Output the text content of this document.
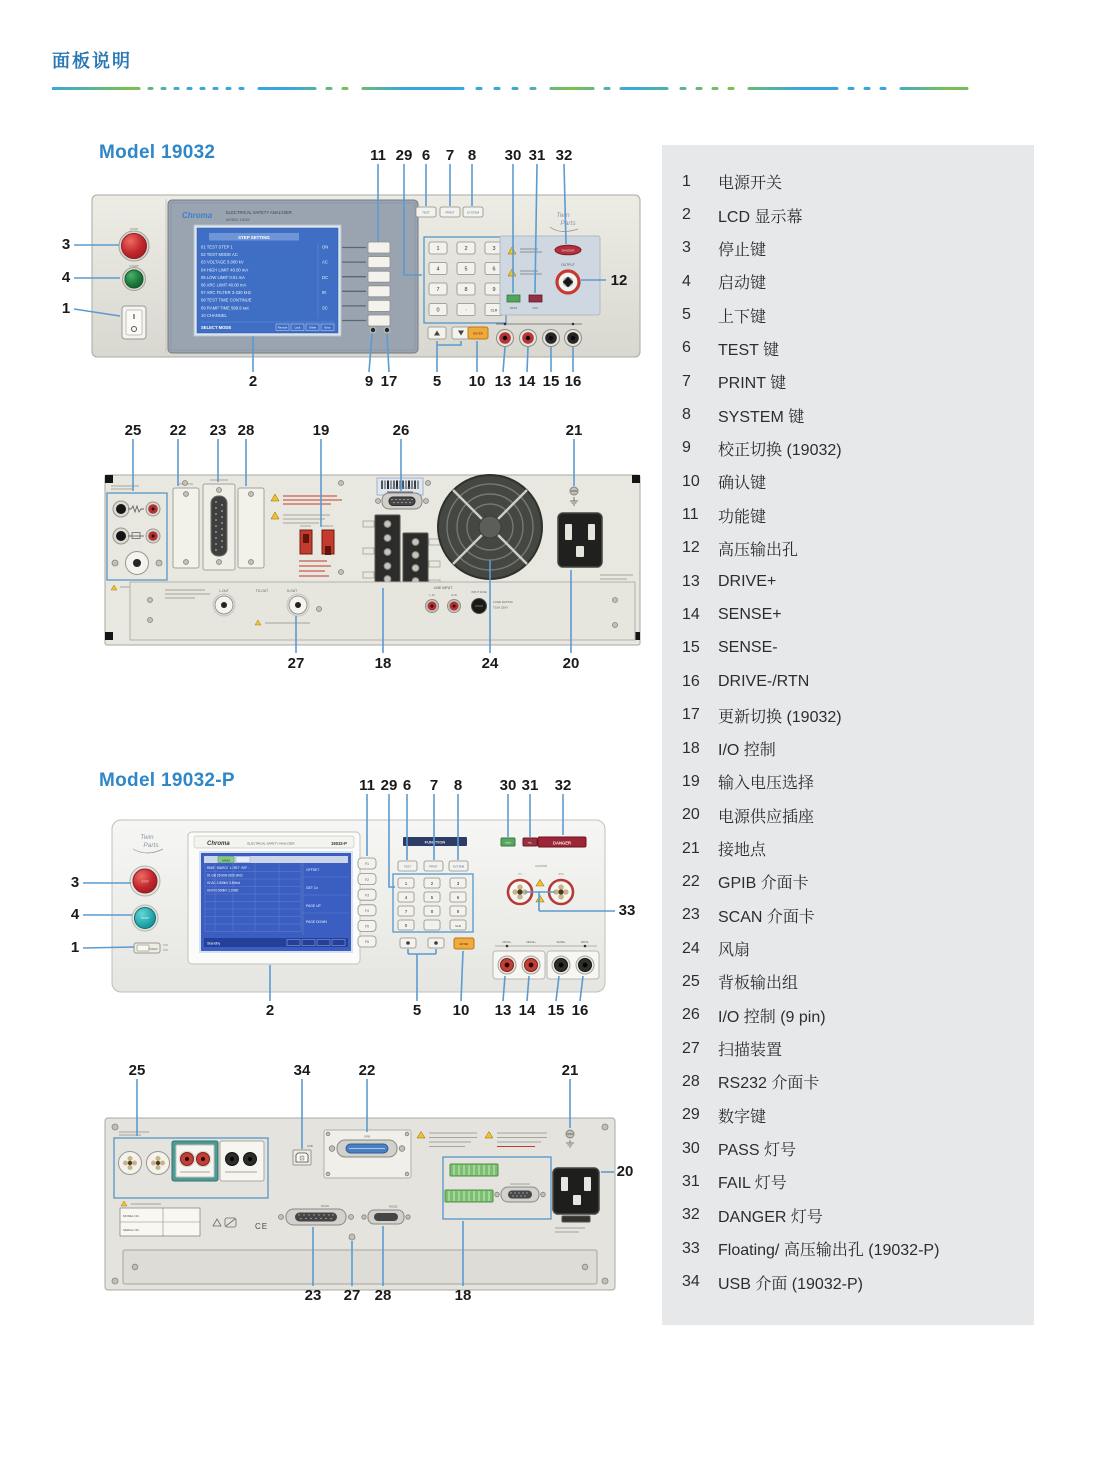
面板说明
Model 19032
Model 19032-P
STOP
START
Chroma	ELECTRICAL SAFETY ANALYZER
MODEL 19032
STEP SETTING
01 TEST STEP 1
02 TEST MODE AC
03 VOLTAGE 5.000 kV
04 HIGH LIMIT 40.00 mA
05 LOW LIMIT 0.01 mA
06 ARC LIMIT 40.00 mA
07 ARC FILTER 3-230 kHz
08 TEST TIME CONTINUE
09 RAMP TIME 999.9 sec
10 CHANNEL
ON
AC
DC
IR
SC
SELECT MODE	Remote	Lock	Offset	Error
TEST	PRINT	SYSTEM
1	2	3
4	5	6
7	8	9
0	·	CLR
ENTER
Twin
Parts
DANGER
OUTPUT
PASS	FAIL
11 29 6 7 8 30 31 32
3
4
1
12
2	9 17 5 10 13 14 15 16
L-OUT	TO-OUT	H-OUT
LINE INPUT
L-IN	N-IN
INPUT FUSE
FUSE RATING
T10A 250V
25 22 23 28	19	26	21
27	18	24	20
Twin
Parts
STOP
START
POWER
Chroma	ELECTRICAL SAFETY ANALYZER	19032-P
MAIN
MODE SOURCE LIMIT REF.
01 GB 25.00A 0100.0mΩ
02 AC 2.500kV 3.50mA
03 IR 0.500kV 1.0 MΩ
OFFSET
GET Cx
PAGE UP
PAGE DOWN
Standby
F1
F2
F3
F4
F5
F6
FUNCTION
TEST	PRINT	SYSTEM
1	2	3
4	5	6
7	8	9
0	·	CLR
ENTER
PASS	FAIL	DANGER
CAUTION
H.V	RTN
DRIVE+	SENSE+	SENSE-	DRIVE-
11 29 6 7 8 30 31 32
3
4
1
33
2	5 10 13 14 15 16
USB
GPIB
MODEL NO.
SERIAL NO.	CE
SCAN	RS232
25	34	22	21
20
23 27 28	18
1	电源开关
2	LCD 显示幕
3	停止键
4	启动键
5	上下键
6	TEST 键
7	PRINT 键
8	SYSTEM 键
9	校正切换 (19032)
10	确认键
11	功能键
12	高压输出孔
13	DRIVE+
14	SENSE+
15	SENSE-
16	DRIVE-/RTN
17	更新切换 (19032)
18	I/O 控制
19	输入电压选择
20	电源供应插座
21	接地点
22	GPIB 介面卡
23	SCAN 介面卡
24	风扇
25	背板输出组
26	I/O 控制 (9 pin)
27	扫描装置
28	RS232 介面卡
29	数字键
30	PASS 灯号
31	FAIL 灯号
32	DANGER 灯号
33	Floating/ 高压输出孔 (19032-P)
34	USB 介面 (19032-P)
